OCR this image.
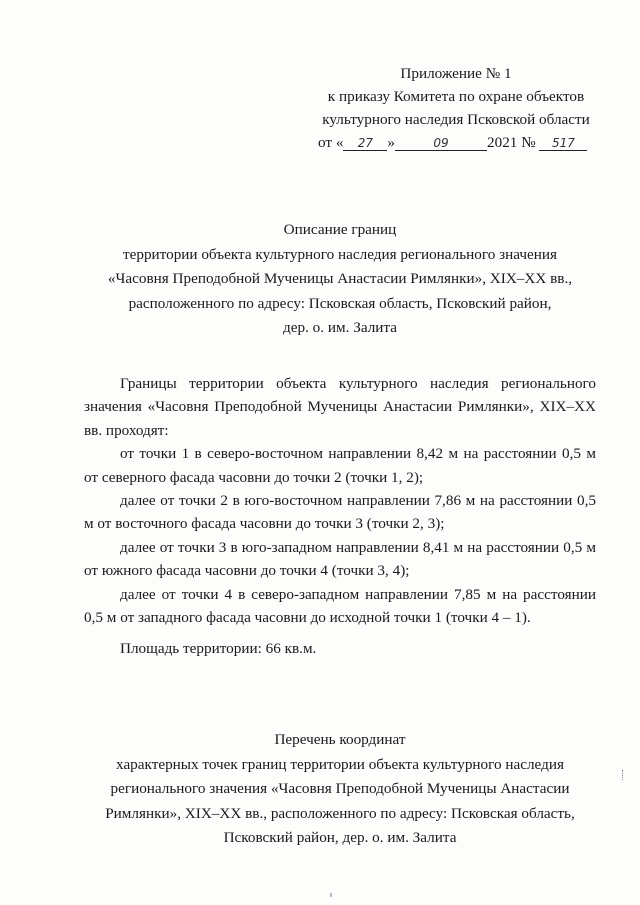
Приложение № 1
к приказу Комитета по охране объектов
культурного наследия Псковской области
от « 27 »	09	2021 № 517
Описание границ
территории объекта культурного наследия регионального значения
«Часовня Преподобной Мученицы Анастасии Римлянки», XIX–XX вв.,
расположенного по адресу: Псковская область, Псковский район,
дер. о. им. Залита

Границы территории объекта культурного наследия регионального значения «Часовня Преподобной Мученицы Анастасии Римлянки», XIX–XX вв. проходят:

от точки 1 в северо-восточном направлении 8,42 м на расстоянии 0,5 м от северного фасада часовни до точки 2 (точки 1, 2);

далее от точки 2 в юго-восточном направлении 7,86 м на расстоянии 0,5 м от восточного фасада часовни до точки 3 (точки 2, 3);

далее от точки 3 в юго-западном направлении 8,41 м на расстоянии 0,5 м от южного фасада часовни до точки 4 (точки 3, 4);

далее от точки 4 в северо-западном направлении 7,85 м на расстоянии 0,5 м от западного фасада часовни до исходной точки 1 (точки 4 – 1).

Площадь территории: 66 кв.м.

Перечень координат
характерных точек границ территории объекта культурного наследия
регионального значения «Часовня Преподобной Мученицы Анастасии
Римлянки», XIX–XX вв., расположенного по адресу: Псковская область,
Псковский район, дер. о. им. Залита
